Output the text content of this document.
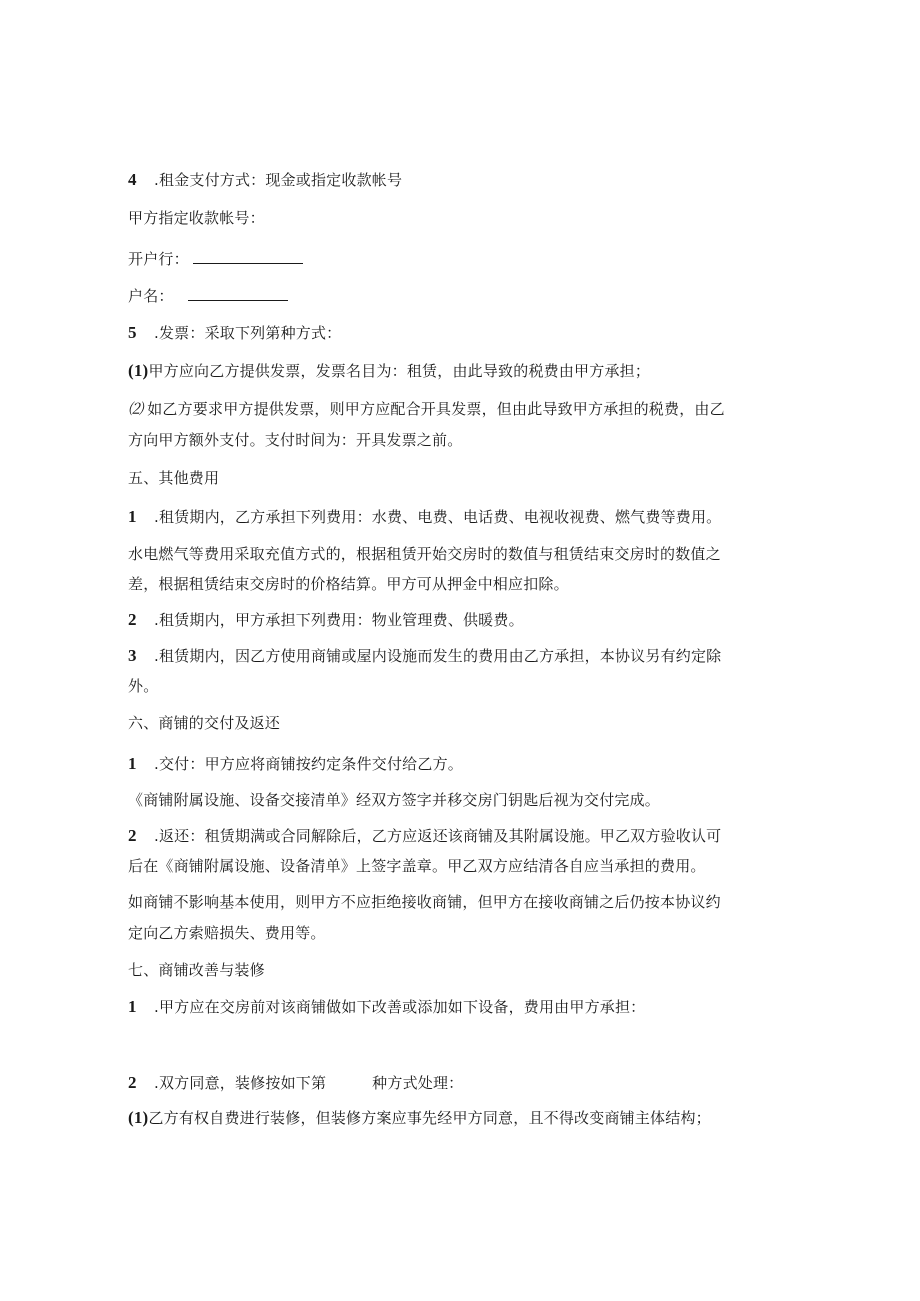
4 .租金支付方式：现金或指定收款帐号
甲方指定收款帐号：
开户行：
户名：
5 .发票：采取下列第种方式：
(1)甲方应向乙方提供发票，发票名目为：租赁，由此导致的税费由甲方承担；
⑵ 如乙方要求甲方提供发票，则甲方应配合开具发票，但由此导致甲方承担的税费，由乙
方向甲方额外支付。支付时间为：开具发票之前。
五、其他费用
1 .租赁期内，乙方承担下列费用：水费、电费、电话费、电视收视费、燃气费等费用。
水电燃气等费用采取充值方式的，根据租赁开始交房时的数值与租赁结束交房时的数值之
差，根据租赁结束交房时的价格结算。甲方可从押金中相应扣除。
2 .租赁期内，甲方承担下列费用：物业管理费、供暖费。
3 .租赁期内，因乙方使用商铺或屋内设施而发生的费用由乙方承担，本协议另有约定除
外。
六、商铺的交付及返还
1 .交付：甲方应将商铺按约定条件交付给乙方。
《商铺附属设施、设备交接清单》经双方签字并移交房门钥匙后视为交付完成。
2 .返还：租赁期满或合同解除后，乙方应返还该商铺及其附属设施。甲乙双方验收认可
后在《商铺附属设施、设备清单》上签字盖章。甲乙双方应结清各自应当承担的费用。
如商铺不影响基本使用，则甲方不应拒绝接收商铺，但甲方在接收商铺之后仍按本协议约
定向乙方索赔损失、费用等。
七、商铺改善与装修
1 .甲方应在交房前对该商铺做如下改善或添加如下设备，费用由甲方承担：
2 .双方同意，装修按如下第	种方式处理：
(1)乙方有权自费进行装修，但装修方案应事先经甲方同意，且不得改变商铺主体结构；
